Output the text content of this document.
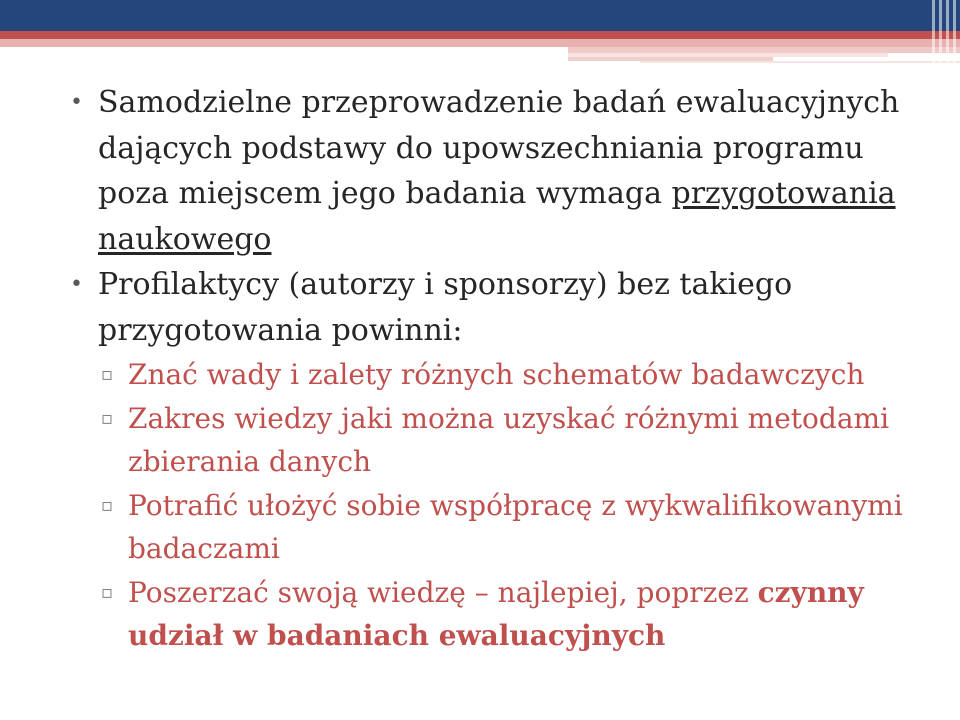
• Samodzielne przeprowadzenie badań ewaluacyjnych dających podstawy do upowszechniania programu poza miejscem jego badania wymaga przygotowania naukowego

• Profilaktycy (autorzy i sponsorzy) bez takiego przygotowania powinni:

▫ Znać wady i zalety różnych schematów badawczych

▫ Zakres wiedzy jaki można uzyskać różnymi metodami zbierania danych

▫ Potrafić ułożyć sobie współpracę z wykwalifikowanymi badaczami

▫ Poszerzać swoją wiedzę – najlepiej, poprzez czynny udział w badaniach ewaluacyjnych
